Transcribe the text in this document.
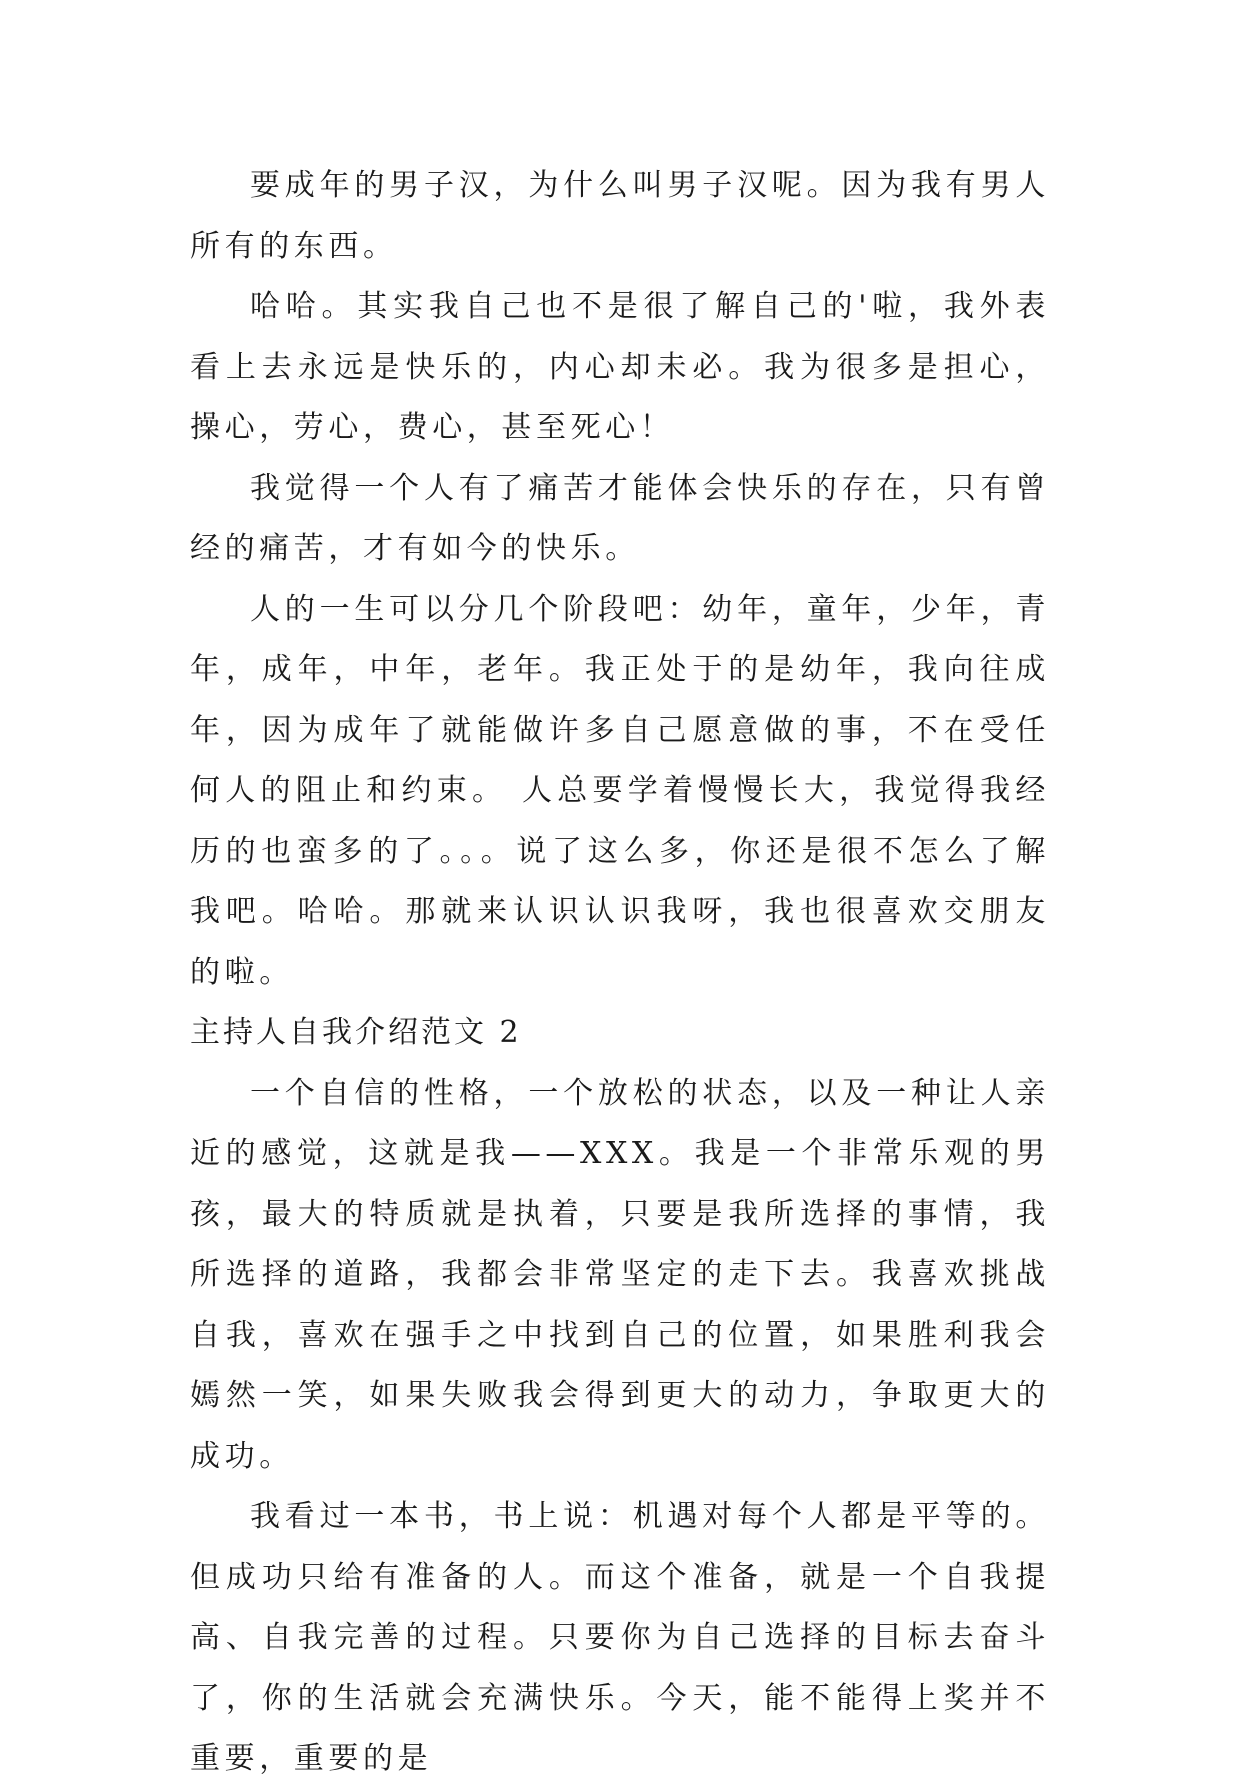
要成年的男子汉，为什么叫男子汉呢。因为我有男人所有的东西。

哈哈。其实我自己也不是很了解自己的'啦，我外表看上去永远是快乐的，内心却未必。我为很多是担心，操心，劳心，费心，甚至死心！

我觉得一个人有了痛苦才能体会快乐的存在，只有曾经的痛苦，才有如今的快乐。

人的一生可以分几个阶段吧：幼年，童年，少年，青年，成年，中年，老年。我正处于的是幼年，我向往成年，因为成年了就能做许多自己愿意做的事，不在受任何人的阻止和约束。 人总要学着慢慢长大，我觉得我经历的也蛮多的了。。。说了这么多，你还是很不怎么了解我吧。哈哈。那就来认识认识我呀，我也很喜欢交朋友的啦。

主持人自我介绍范文 2

一个自信的性格，一个放松的状态，以及一种让人亲近的感觉，这就是我——XXX。我是一个非常乐观的男孩，最大的特质就是执着，只要是我所选择的事情，我所选择的道路，我都会非常坚定的走下去。我喜欢挑战自我，喜欢在强手之中找到自己的位置，如果胜利我会嫣然一笑，如果失败我会得到更大的动力，争取更大的成功。

我看过一本书，书上说：机遇对每个人都是平等的。但成功只给有准备的人。而这个准备，就是一个自我提高、自我完善的过程。只要你为自己选择的目标去奋斗了，你的生活就会充满快乐。今天，能不能得上奖并不重要，重要的是
